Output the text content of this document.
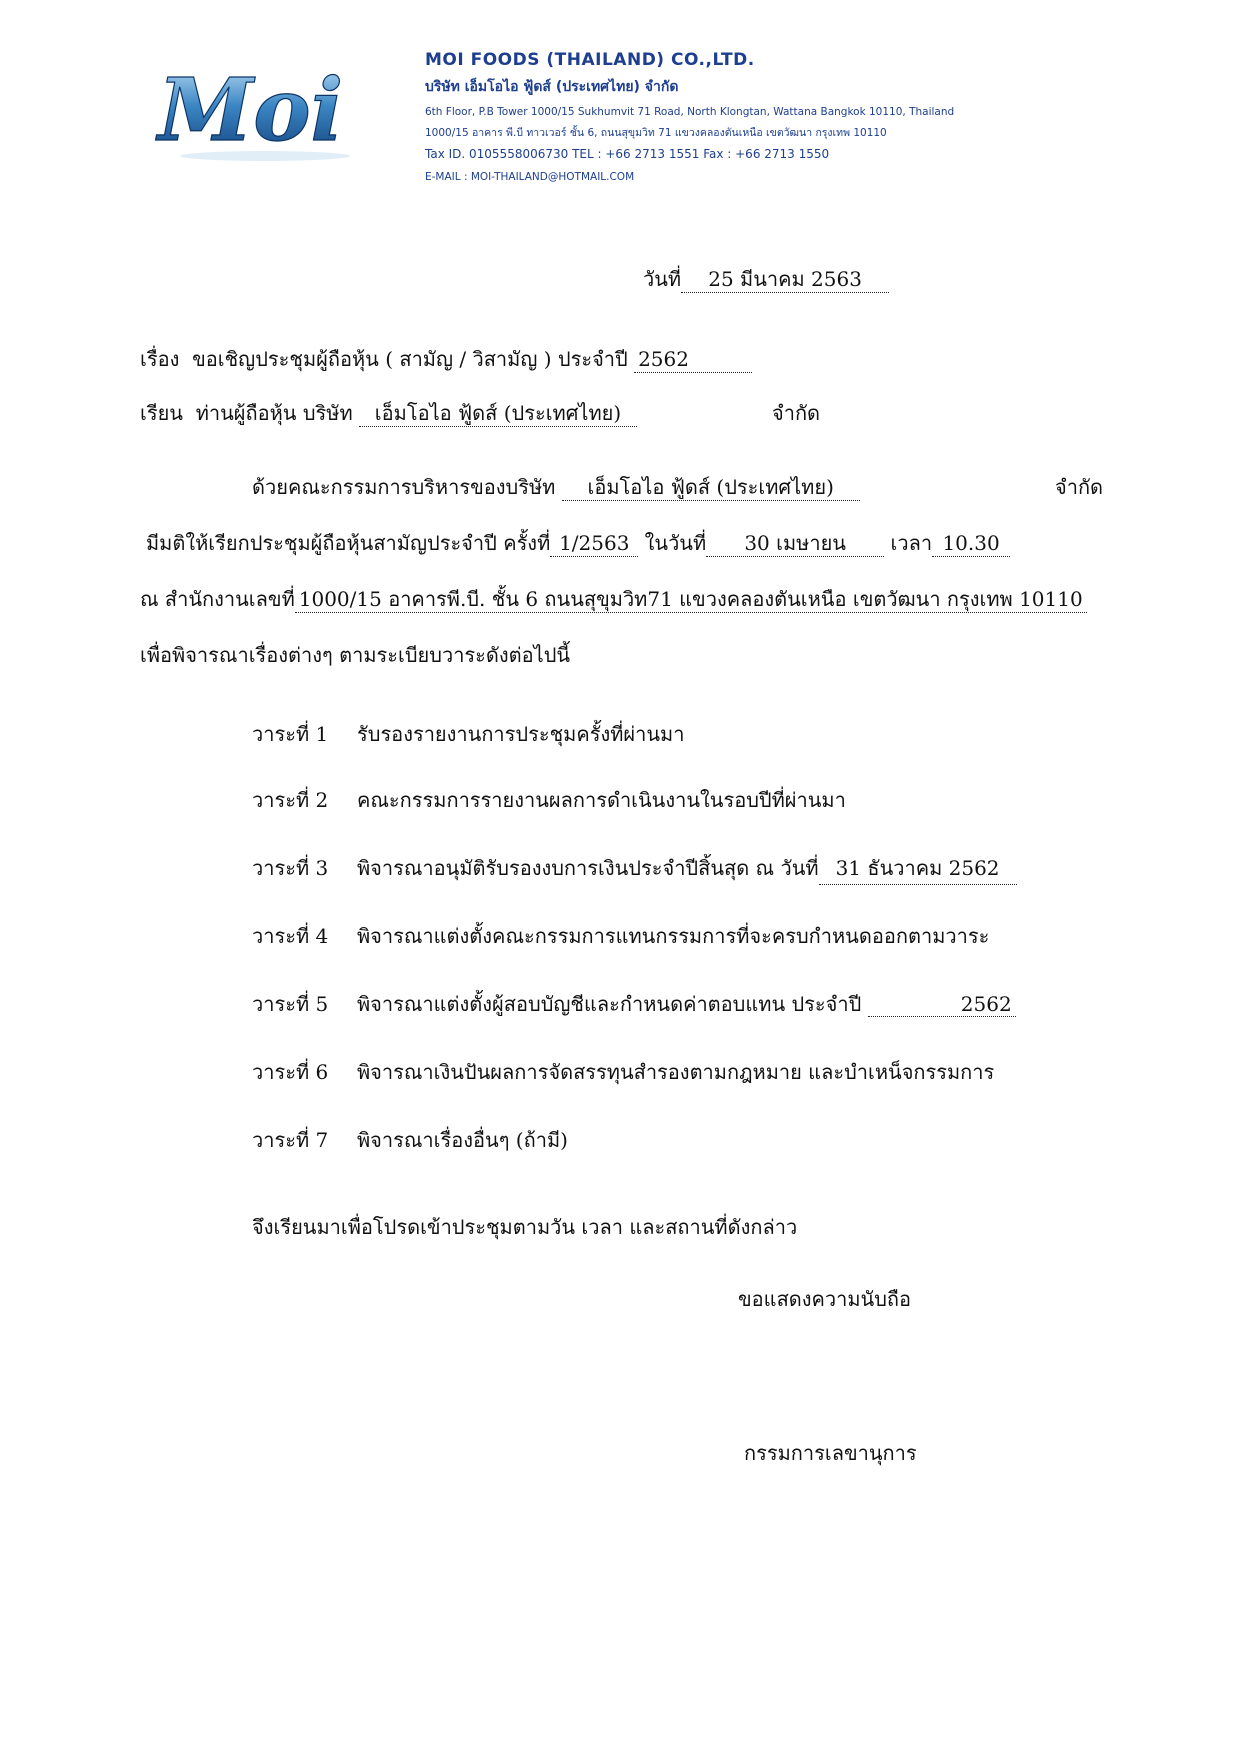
Moi	MOI FOODS (THAILAND) CO.,LTD.
บริษัท เอ็มโอไอ ฟู้ดส์ (ประเทศไทย) จำกัด
6th Floor, P.B Tower 1000/15 Sukhumvit 71 Road, North Klongtan, Wattana Bangkok 10110, Thailand
1000/15 อาคาร พี.บี ทาวเวอร์ ชั้น 6, ถนนสุขุมวิท 71 แขวงคลองตันเหนือ เขตวัฒนา กรุงเทพ 10110
Tax ID. 0105558006730 TEL : +66 2713 1551 Fax : +66 2713 1550
E-MAIL : MOI-THAILAND@HOTMAIL.COM
วันที่ 25 มีนาคม 2563
เรื่อง ขอเชิญประชุมผู้ถือหุ้น ( สามัญ / วิสามัญ ) ประจำปี 2562
เรียน ท่านผู้ถือหุ้น บริษัท เอ็มโอไอ ฟู้ดส์ (ประเทศไทย)	จำกัด
ด้วยคณะกรรมการบริหารของบริษัท เอ็มโอไอ ฟู้ดส์ (ประเทศไทย)	จำกัด
มีมติให้เรียกประชุมผู้ถือหุ้นสามัญประจำปี ครั้งที่ 1/2563 ในวันที่ 30 เมษายน เวลา 10.30
ณ สำนักงานเลขที่ 1000/15 อาคารพี.บี. ชั้น 6 ถนนสุขุมวิท71 แขวงคลองตันเหนือ เขตวัฒนา กรุงเทพ 10110
เพื่อพิจารณาเรื่องต่างๆ ตามระเบียบวาระดังต่อไปนี้
วาระที่ 1 รับรองรายงานการประชุมครั้งที่ผ่านมา
วาระที่ 2 คณะกรรมการรายงานผลการดำเนินงานในรอบปีที่ผ่านมา
วาระที่ 3 พิจารณาอนุมัติรับรองงบการเงินประจำปีสิ้นสุด ณ วันที่ 31 ธันวาคม 2562
วาระที่ 4 พิจารณาแต่งตั้งคณะกรรมการแทนกรรมการที่จะครบกำหนดออกตามวาระ
วาระที่ 5 พิจารณาแต่งตั้งผู้สอบบัญชีและกำหนดค่าตอบแทน ประจำปี	2562
วาระที่ 6 พิจารณาเงินปันผลการจัดสรรทุนสำรองตามกฎหมาย และบำเหน็จกรรมการ
วาระที่ 7 พิจารณาเรื่องอื่นๆ (ถ้ามี)
จึงเรียนมาเพื่อโปรดเข้าประชุมตามวัน เวลา และสถานที่ดังกล่าว
ขอแสดงความนับถือ
กรรมการเลขานุการ
